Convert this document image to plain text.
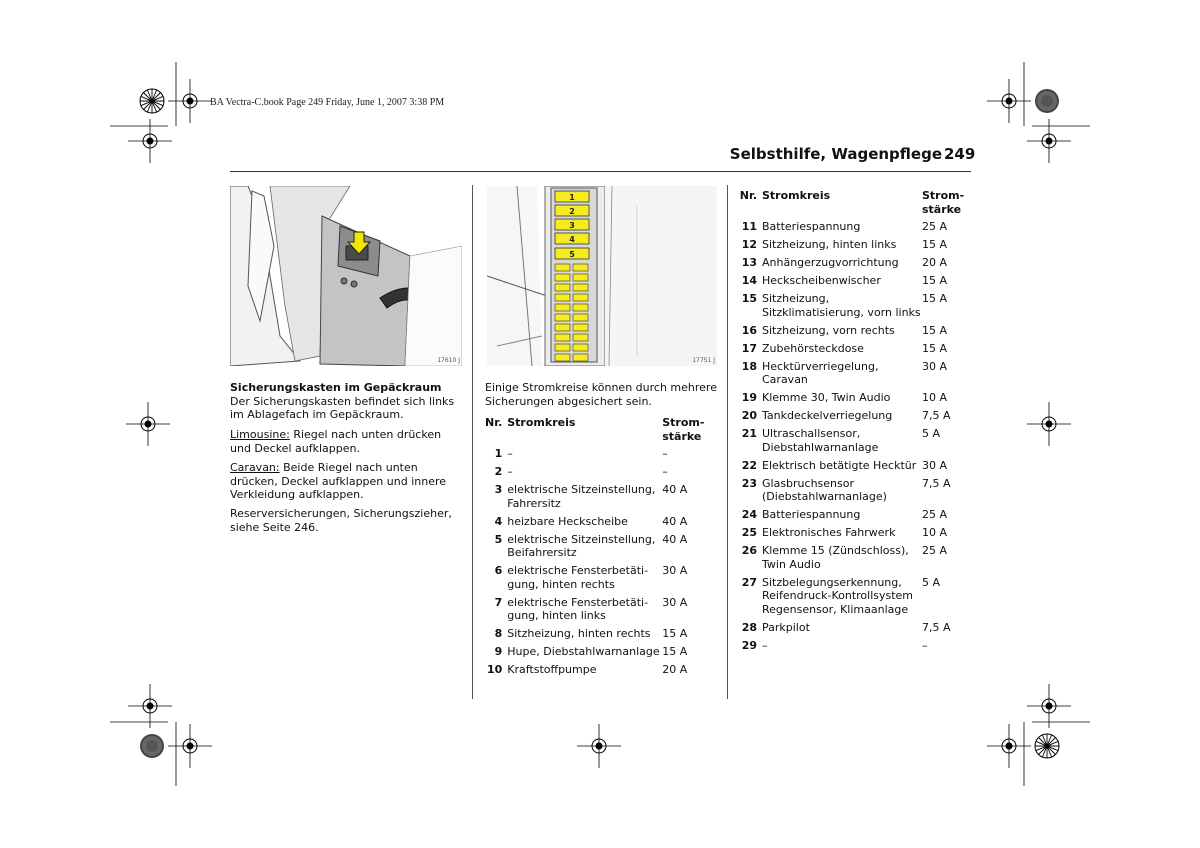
BA Vectra-C.book Page 249 Friday, June 1, 2007 3:38 PM
Selbsthilfe, Wagenpflege 249
17610 J
1
2
3
4
5
17751 J
Sicherungskasten im Gepäckraum
Der Sicherungskasten befindet sich links im Ablagefach im Gepäckraum.
Limousine: Riegel nach unten drücken und Deckel aufklappen.
Caravan: Beide Riegel nach unten drücken, Deckel aufklappen und innere Verkleidung aufklappen.
Reserversicherungen, Sicherungszieher, siehe Seite 246.
Einige Stromkreise können durch mehrere Sicherungen abgesichert sein.
Nr.	Stromkreis	Strom-
stärke
1	–	–
2	–	–
3	elektrische Sitzeinstellung, Fahrersitz	40 A
4	heizbare Heckscheibe	40 A
5	elektrische Sitzeinstellung, Beifahrersitz	40 A
6	elektrische Fensterbetäti-gung, hinten rechts	30 A
7	elektrische Fensterbetäti-gung, hinten links	30 A
8	Sitzheizung, hinten rechts	15 A
9	Hupe, Diebstahlwarnanlage	15 A
10	Kraftstoffpumpe	20 A
Nr.	Stromkreis	Strom-
stärke
11	Batteriespannung	25 A
12	Sitzheizung, hinten links	15 A
13	Anhängerzugvorrichtung	20 A
14	Heckscheibenwischer	15 A
15	Sitzheizung, Sitzklimatisierung, vorn links	15 A
16	Sitzheizung, vorn rechts	15 A
17	Zubehörsteckdose	15 A
18	Hecktürverriegelung, Caravan	30 A
19	Klemme 30, Twin Audio	10 A
20	Tankdeckelverriegelung	7,5 A
21	Ultraschallsensor, Diebstahlwarnanlage	5 A
22	Elektrisch betätigte Hecktür	30 A
23	Glasbruchsensor (Diebstahlwarnanlage)	7,5 A
24	Batteriespannung	25 A
25	Elektronisches Fahrwerk	10 A
26	Klemme 15 (Zündschloss), Twin Audio	25 A
27	Sitzbelegungserkennung, Reifendruck-Kontrollsystem Regensensor, Klimaanlage	5 A
28	Parkpilot	7,5 A
29	–	–
